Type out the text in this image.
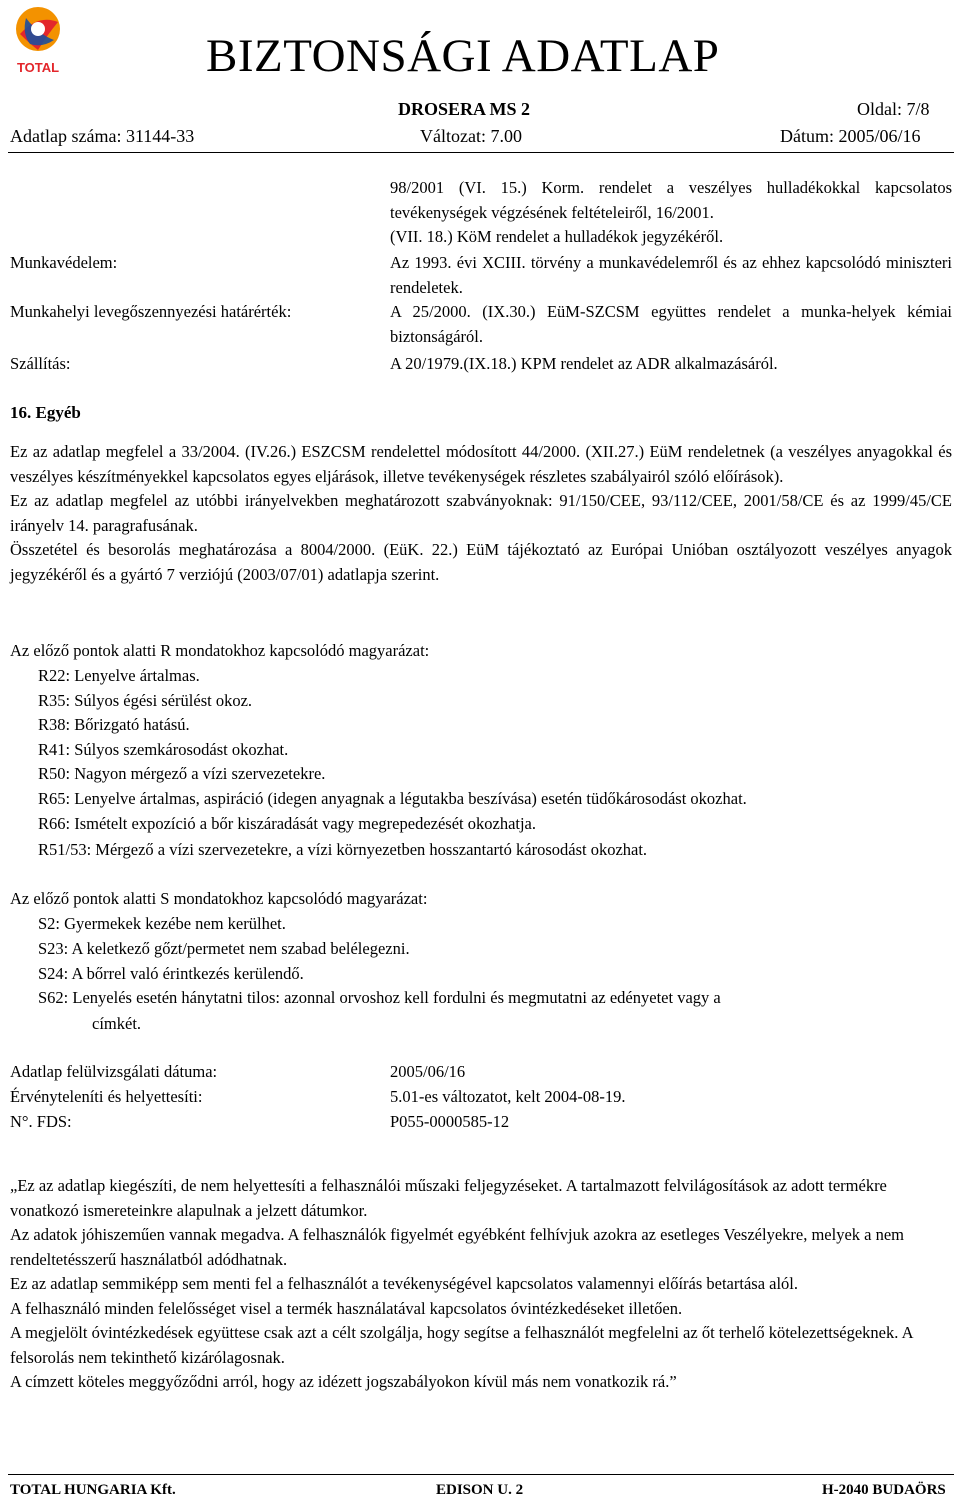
TOTAL	BIZTONSÁGI ADATLAP
DROSERA MS 2	Oldal: 7/8
Adatlap száma: 31144-33	Változat: 7.00	Dátum: 2005/06/16

98/2001 (VI. 15.) Korm. rendelet a veszélyes hulladékokkal kapcsolatos tevékenységek végzésének feltételeiről, 16/2001.

(VII. 18.) KöM rendelet a hulladékok jegyzékéről.

Munkavédelem:	Az 1993. évi XCIII. törvény a munkavédelemről és az ehhez kapcsolódó miniszteri rendeletek.

Munkahelyi levegőszennyezési határérték:	A 25/2000. (IX.30.) EüM-SZCSM együttes rendelet a munka-helyek kémiai biztonságáról.

Szállítás:	A 20/1979.(IX.18.) KPM rendelet az ADR alkalmazásáról.
16. Egyéb

Ez az adatlap megfelel a 33/2004. (IV.26.) ESZCSM rendelettel módosított 44/2000. (XII.27.) EüM rendeletnek (a veszélyes anyagokkal és veszélyes készítményekkel kapcsolatos egyes eljárások, illetve tevékenységek részletes szabályairól szóló előírások).

Ez az adatlap megfelel az utóbbi irányelvekben meghatározott szabványoknak: 91/150/CEE, 93/112/CEE, 2001/58/CE és az 1999/45/CE irányelv 14. paragrafusának.

Összetétel és besorolás meghatározása a 8004/2000. (EüK. 22.) EüM tájékoztató az Európai Unióban osztályozott veszélyes anyagok jegyzékéről és a gyártó 7 verziójú (2003/07/01) adatlapja szerint.

Az előző pontok alatti R mondatokhoz kapcsolódó magyarázat:
R22: Lenyelve ártalmas.
R35: Súlyos égési sérülést okoz.
R38: Bőrizgató hatású.
R41: Súlyos szemkárosodást okozhat.
R50: Nagyon mérgező a vízi szervezetekre.
R65: Lenyelve ártalmas, aspiráció (idegen anyagnak a légutakba beszívása) esetén tüdőkárosodást okozhat.
R66: Ismételt expozíció a bőr kiszáradását vagy megrepedezését okozhatja.
R51/53: Mérgező a vízi szervezetekre, a vízi környezetben hosszantartó károsodást okozhat.
Az előző pontok alatti S mondatokhoz kapcsolódó magyarázat:
S2: Gyermekek kezébe nem kerülhet.
S23: A keletkező gőzt/permetet nem szabad belélegezni.
S24: A bőrrel való érintkezés kerülendő.
S62: Lenyelés esetén hánytatni tilos: azonnal orvoshoz kell fordulni és megmutatni az edényetet vagy a
címkét.
Adatlap felülvizsgálati dátuma:	2005/06/16
Érvényteleníti és helyettesíti:	5.01-es változatot, kelt 2004-08-19.
N°. FDS:	P055-0000585-12

„Ez az adatlap kiegészíti, de nem helyettesíti a felhasználói műszaki feljegyzéseket. A tartalmazott felvilágosítások az adott termékre vonatkozó ismereteinkre alapulnak a jelzett dátumkor.

Az adatok jóhiszeműen vannak megadva. A felhasználók figyelmét egyébként felhívjuk azokra az esetleges Veszélyekre, melyek a nem rendeltetésszerű használatból adódhatnak.

Ez az adatlap semmiképp sem menti fel a felhasználót a tevékenységével kapcsolatos valamennyi előírás betartása alól.

A felhasználó minden felelősséget visel a termék használatával kapcsolatos óvintézkedéseket illetően.

A megjelölt óvintézkedések együttese csak azt a célt szolgálja, hogy segítse a felhasználót megfelelni az őt terhelő kötelezettségeknek. A felsorolás nem tekinthető kizárólagosnak.

A címzett köteles meggyőződni arról, hogy az idézett jogszabályokon kívül más nem vonatkozik rá.”

TOTAL HUNGARIA Kft.	EDISON U. 2	H-2040 BUDAÖRS
